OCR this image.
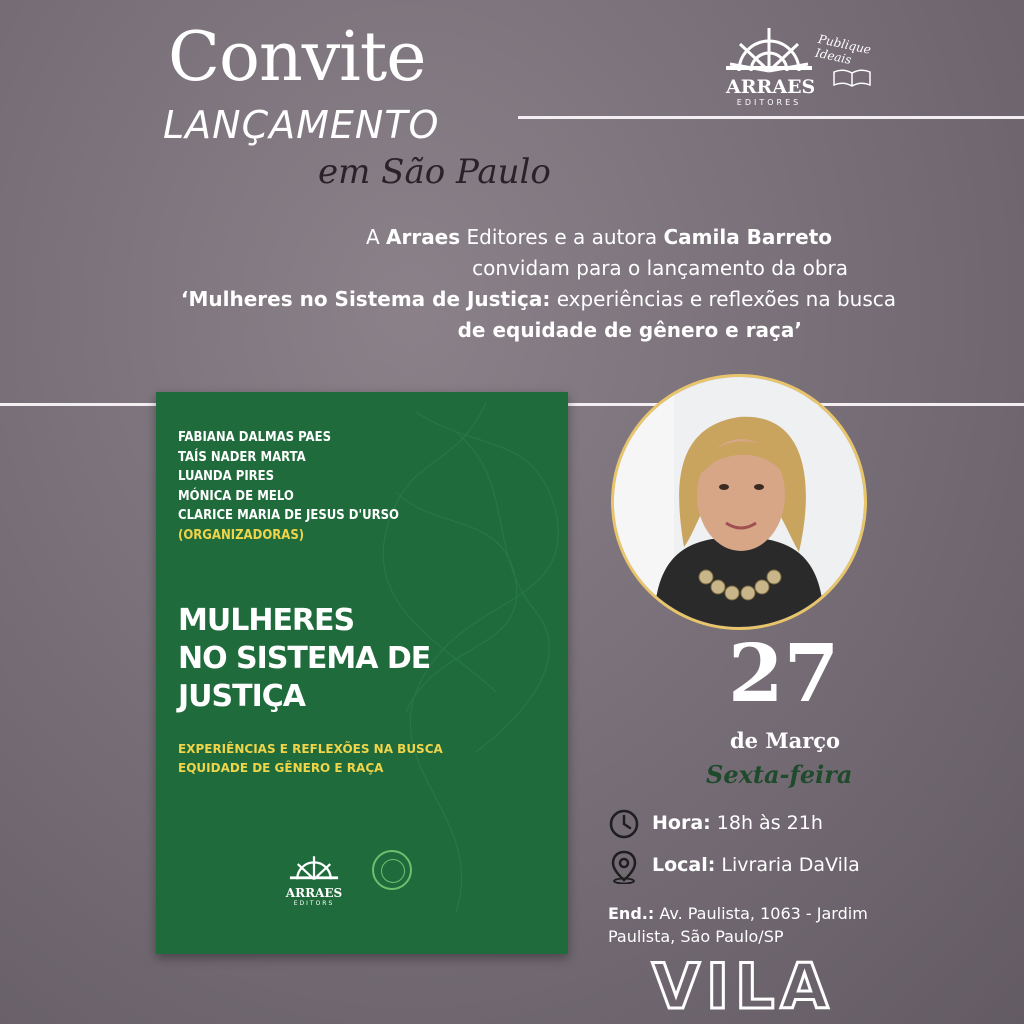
Convite
LANÇAMENTO
em São Paulo
ARRAES
EDITORES
Publique Ideais
A Arraes Editores e a autora Camila Barreto
convidam para o lançamento da obra
‘Mulheres no Sistema de Justiça: experiências e reflexões na busca
de equidade de gênero e raça’
FABIANA DALMAS PAES
TAÍS NADER MARTA
LUANDA PIRES
MÓNICA DE MELO
CLARICE MARIA DE JESUS D'URSO
(ORGANIZADORAS)
MULHERES
NO SISTEMA DE
JUSTIÇA
EXPERIÊNCIAS E REFLEXÕES NA BUSCA
EQUIDADE DE GÊNERO E RAÇA
ARRAES
EDITORS
27
de Março
Sexta-feira
Hora: 18h às 21h
Local: Livraria DaVila
End.: Av. Paulista, 1063 - Jardim
Paulista, São Paulo/SP
VILA
